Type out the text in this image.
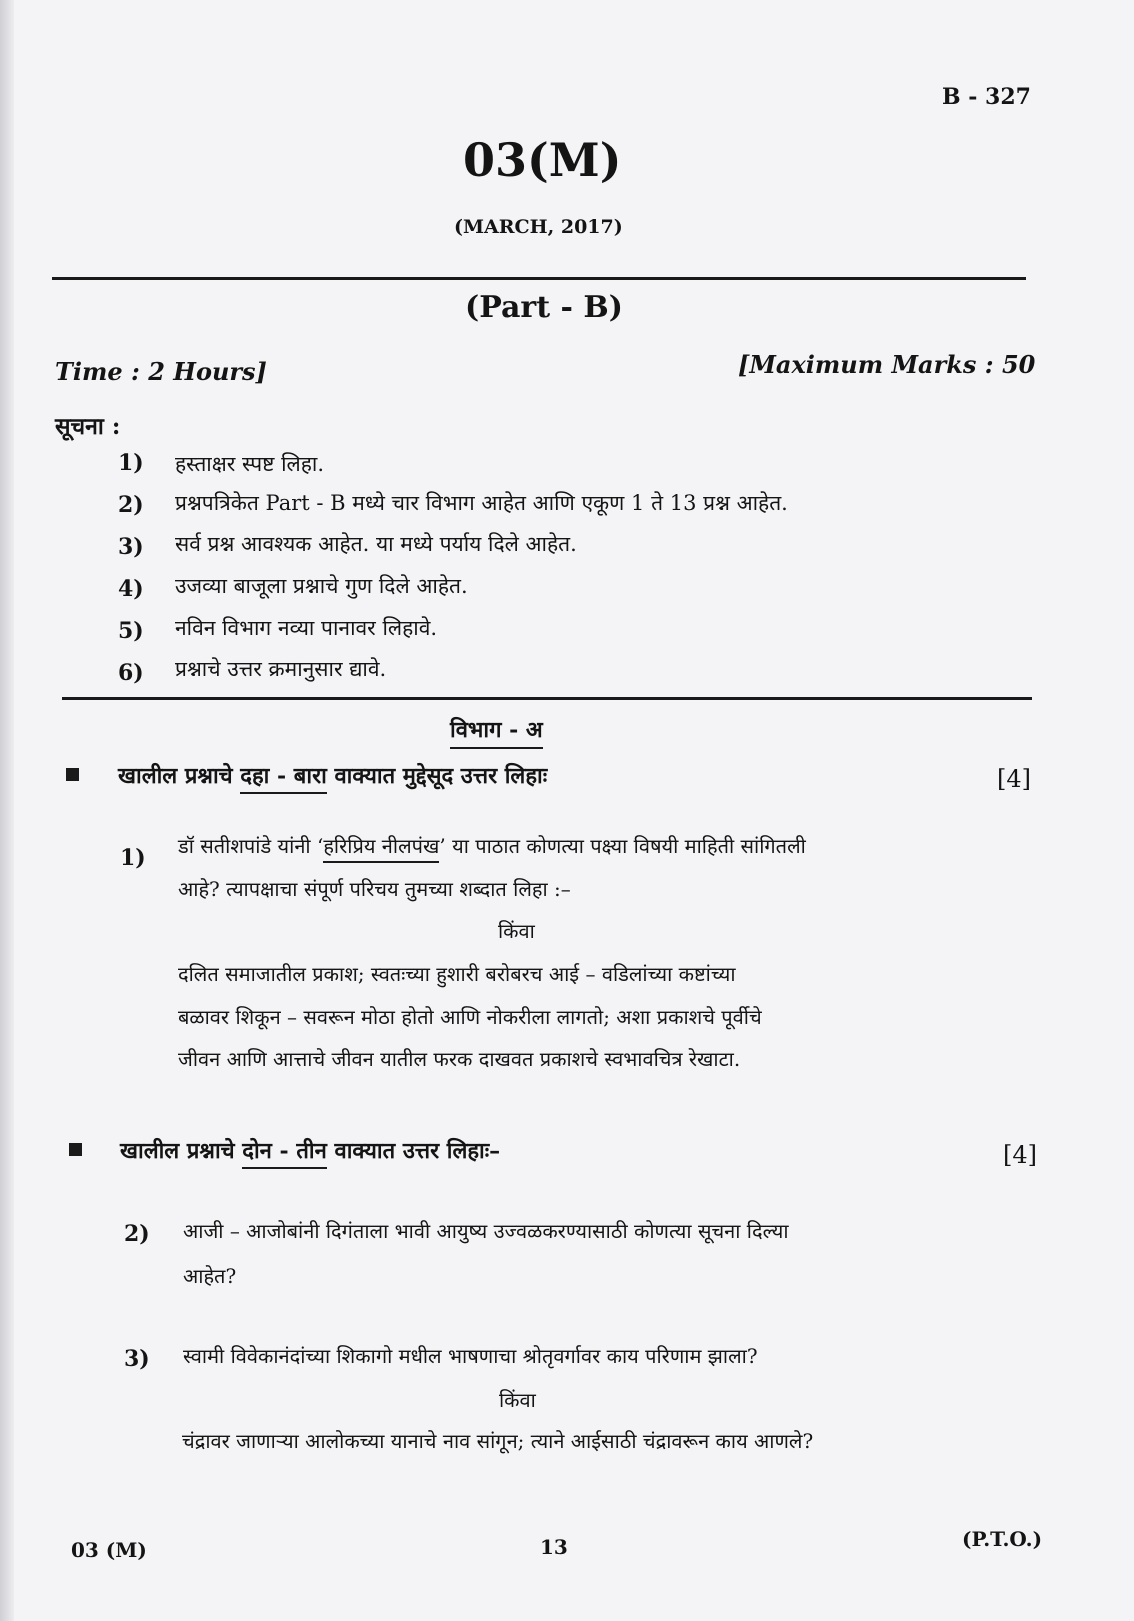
B - 327
03(M)
(MARCH, 2017)
(Part - B)
Time : 2 Hours]	[Maximum Marks : 50
सूचना :
1) हस्ताक्षर स्पष्ट लिहा.
2) प्रश्नपत्रिकेत Part - B मध्ये चार विभाग आहेत आणि एकूण 1 ते 13 प्रश्न आहेत.
3) सर्व प्रश्न आवश्यक आहेत. या मध्ये पर्याय दिले आहेत.
4) उजव्या बाजूला प्रश्नाचे गुण दिले आहेत.
5) नविन विभाग नव्या पानावर लिहावे.
6) प्रश्नाचे उत्तर क्रमानुसार द्यावे.
विभाग - अ
खालील प्रश्नाचे दहा - बारा वाक्यात मुद्देसूद उत्तर लिहाः	[4]
1) डॉ सतीशपांडे यांनी ‘हरिप्रिय नीलपंख’ या पाठात कोणत्या पक्ष्या विषयी माहिती सांगितली
आहे? त्यापक्षाचा संपूर्ण परिचय तुमच्या शब्दात लिहा :–
किंवा
दलित समाजातील प्रकाश; स्वतःच्या हुशारी बरोबरच आई – वडिलांच्या कष्टांच्या
बळावर शिकून – सवरून मोठा होतो आणि नोकरीला लागतो; अशा प्रकाशचे पूर्वीचे
जीवन आणि आत्ताचे जीवन यातील फरक दाखवत प्रकाशचे स्वभावचित्र रेखाटा.
खालील प्रश्नाचे दोन - तीन वाक्यात उत्तर लिहाः–	[4]
2) आजी – आजोबांनी दिगंताला भावी आयुष्य उज्वळकरण्यासाठी कोणत्या सूचना दिल्या
आहेत?
3) स्वामी विवेकानंदांच्या शिकागो मधील भाषणाचा श्रोतृवर्गावर काय परिणाम झाला?
किंवा
चंद्रावर जाणाऱ्या आलोकच्या यानाचे नाव सांगून; त्याने आईसाठी चंद्रावरून काय आणले?
03 (M)	13	(P.T.O.)
